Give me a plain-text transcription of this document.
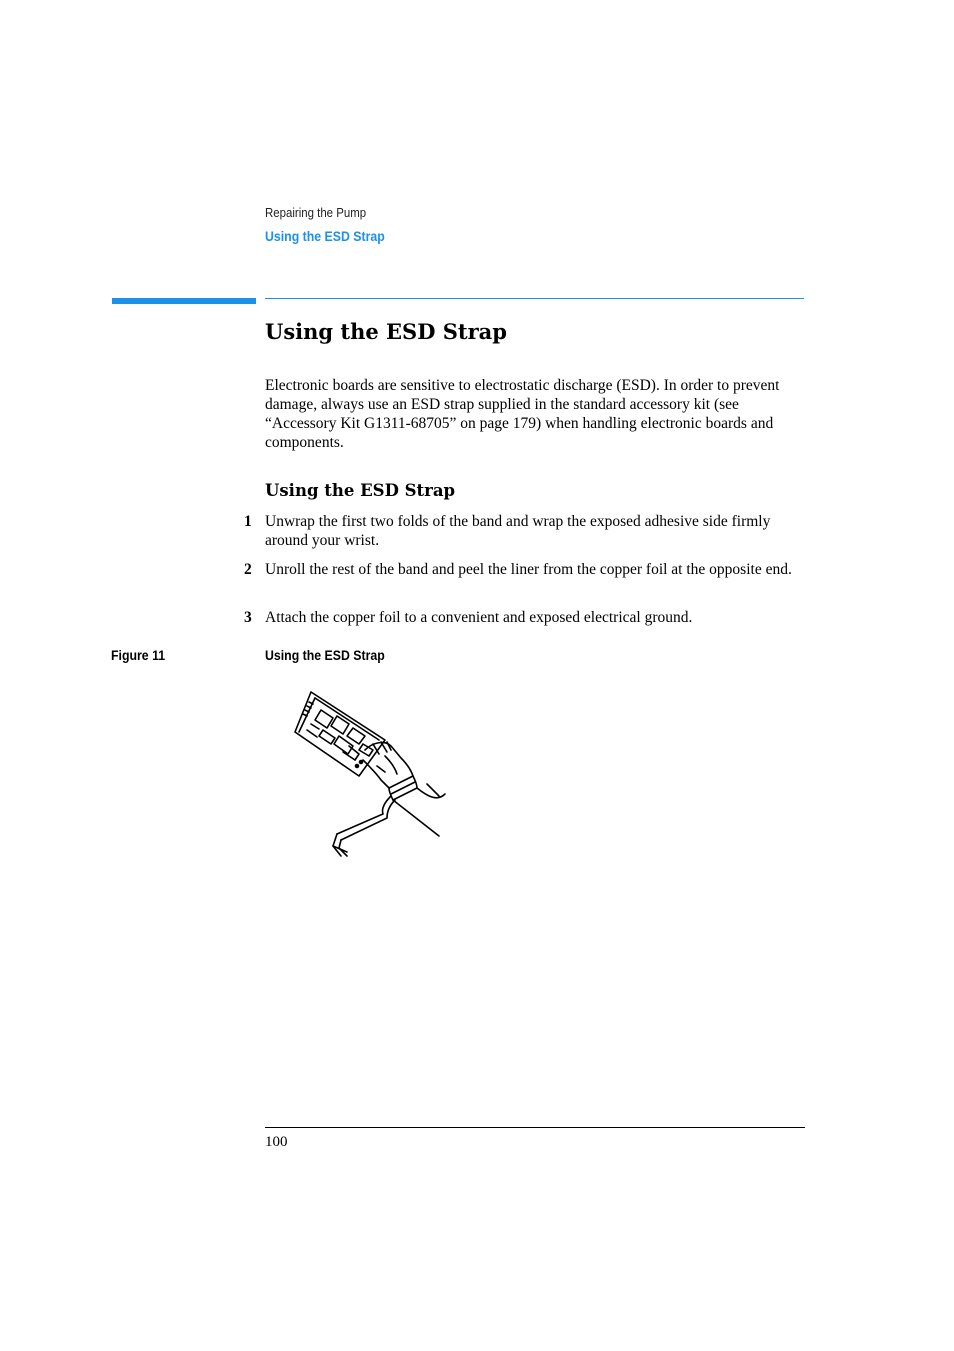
Repairing the Pump
Using the ESD Strap
Using the ESD Strap

Electronic boards are sensitive to electrostatic discharge (ESD). In order to prevent damage, always use an ESD strap supplied in the standard accessory kit (see “Accessory Kit G1311-68705” on page 179) when handling electronic boards and components.

Using the ESD Strap
1 Unwrap the first two folds of the band and wrap the exposed adhesive side firmly around your wrist.
2 Unroll the rest of the band and peel the liner from the copper foil at the opposite end.
3 Attach the copper foil to a convenient and exposed electrical ground.
Figure 11	Using the ESD Strap
100
